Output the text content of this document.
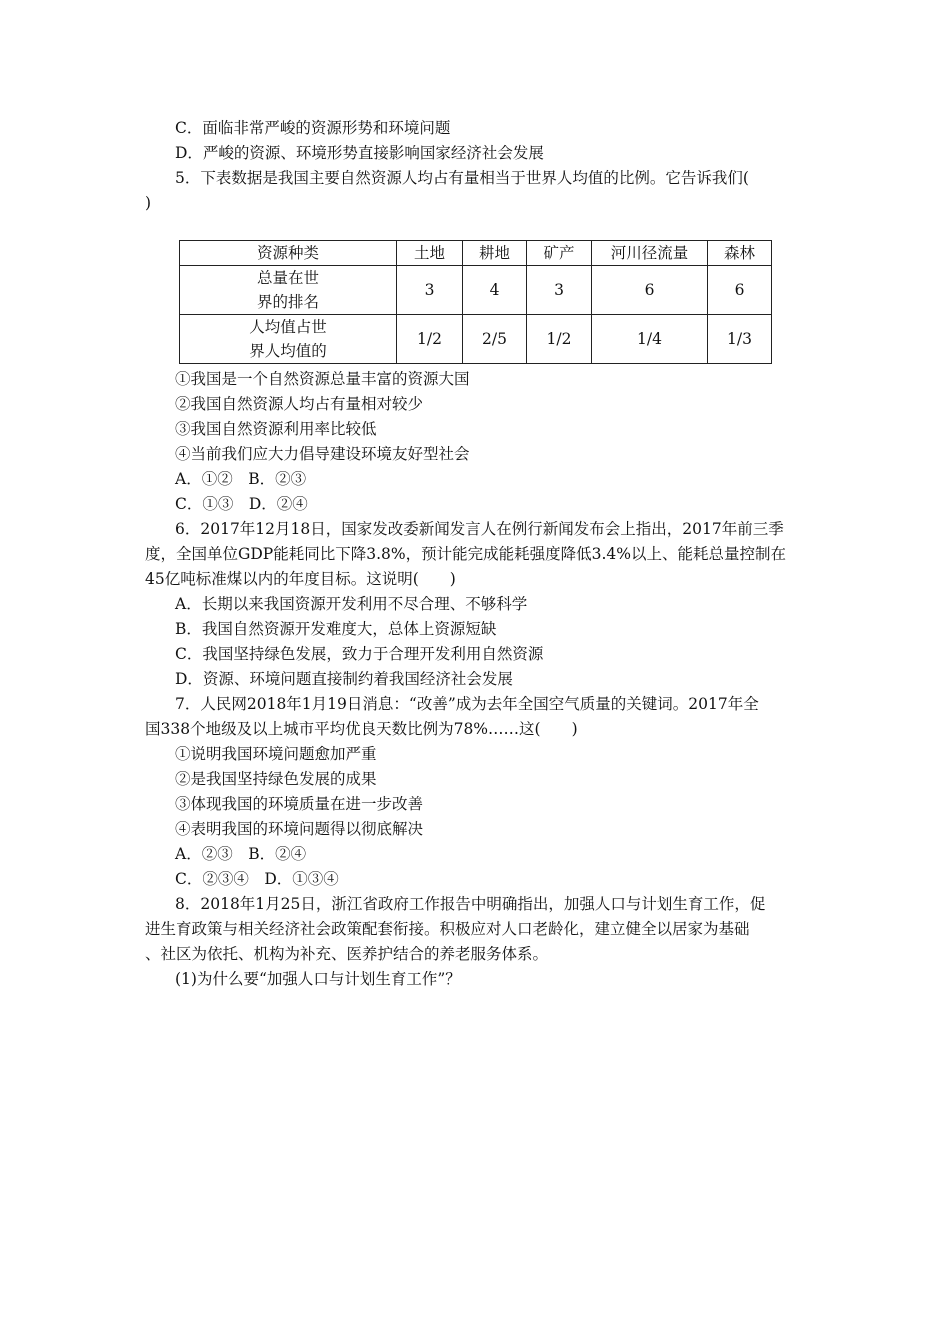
C．面临非常严峻的资源形势和环境问题
D．严峻的资源、环境形势直接影响国家经济社会发展
5．下表数据是我国主要自然资源人均占有量相当于世界人均值的比例。它告诉我们(
)
资源种类	土地	耕地	矿产	河川径流量	森林

总量在世
界的排名	3	4	3	6	6

人均值占世
界人均值的	1/2	2/5	1/2	1/4	1/3
①我国是一个自然资源总量丰富的资源大国
②我国自然资源人均占有量相对较少
③我国自然资源利用率比较低
④当前我们应大力倡导建设环境友好型社会
A．①②　B．②③
C．①③　D．②④
6．2017年12月18日，国家发改委新闻发言人在例行新闻发布会上指出，2017年前三季
度，全国单位GDP能耗同比下降3.8%，预计能完成能耗强度降低3.4%以上、能耗总量控制在
45亿吨标准煤以内的年度目标。这说明(　　)
A．长期以来我国资源开发利用不尽合理、不够科学
B．我国自然资源开发难度大，总体上资源短缺
C．我国坚持绿色发展，致力于合理开发利用自然资源
D．资源、环境问题直接制约着我国经济社会发展
7．人民网2018年1月19日消息：“改善”成为去年全国空气质量的关键词。2017年全
国338个地级及以上城市平均优良天数比例为78%……这(　　)
①说明我国环境问题愈加严重
②是我国坚持绿色发展的成果
③体现我国的环境质量在进一步改善
④表明我国的环境问题得以彻底解决
A．②③　B．②④
C．②③④　D．①③④
8．2018年1月25日，浙江省政府工作报告中明确指出，加强人口与计划生育工作，促
进生育政策与相关经济社会政策配套衔接。积极应对人口老龄化，建立健全以居家为基础
、社区为依托、机构为补充、医养护结合的养老服务体系。
(1)为什么要“加强人口与计划生育工作”？
